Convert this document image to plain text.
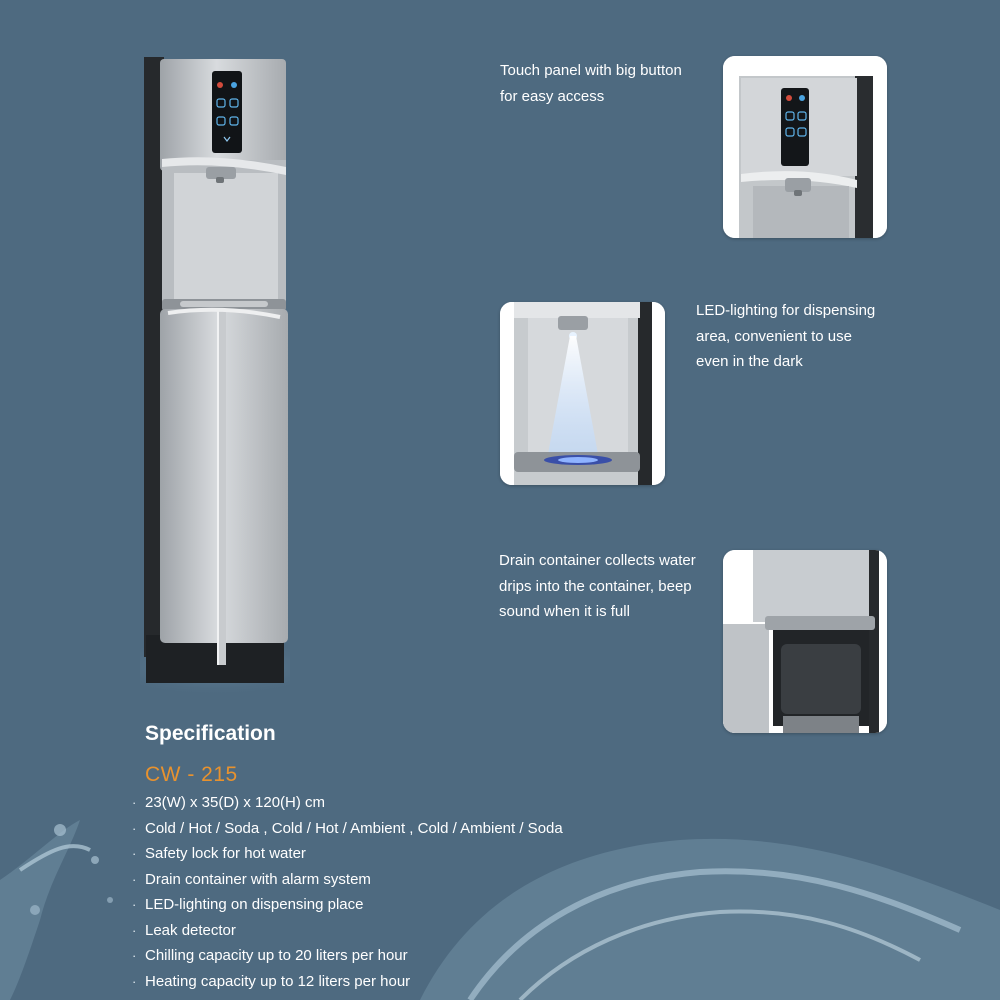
Touch panel with big button
for easy access
LED-lighting for dispensing
area, convenient to use
even in the dark
Drain container collects water
drips into the container, beep
sound when it is full
Specification
CW - 215
· 23(W) x 35(D) x 120(H) cm
· Cold / Hot / Soda , Cold / Hot / Ambient , Cold / Ambient / Soda
· Safety lock for hot water
· Drain container with alarm system
· LED-lighting on dispensing place
· Leak detector
· Chilling capacity up to 20 liters per hour
· Heating capacity up to 12 liters per hour
